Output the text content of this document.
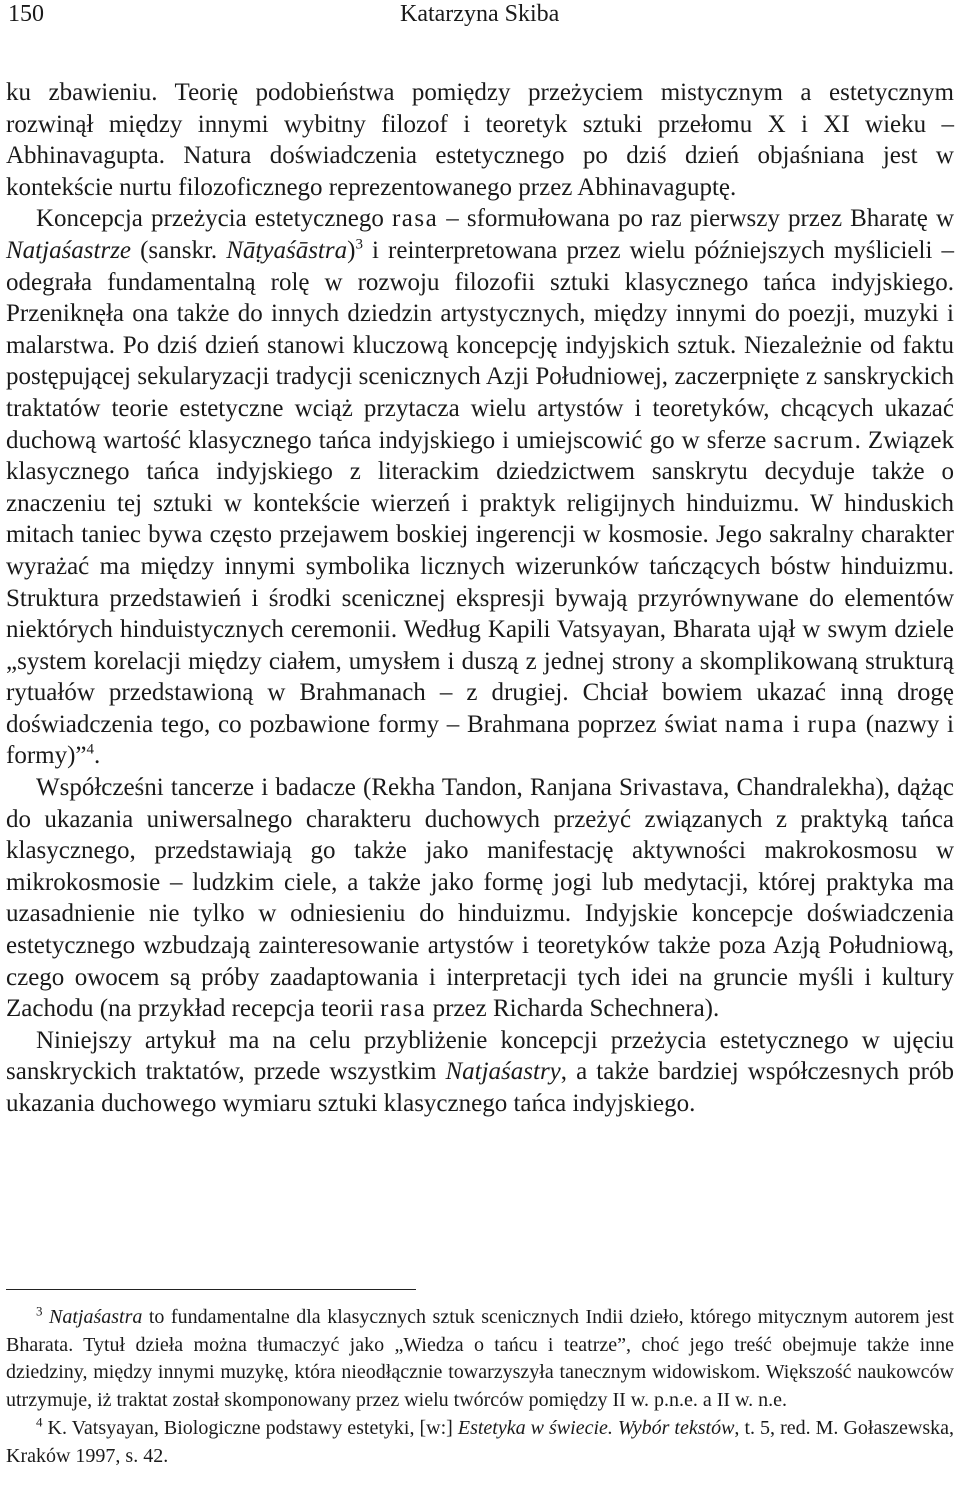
150	Katarzyna Skiba

ku zbawieniu. Teorię podobieństwa pomiędzy przeżyciem mistycznym a estetycznym rozwinął między innymi wybitny filozof i teoretyk sztuki przełomu X i XI wieku – Abhinavagupta. Natura doświadczenia estetycznego po dziś dzień objaśniana jest w kontekście nurtu filozoficznego reprezentowanego przez Abhinavaguptę.

Koncepcja przeżycia estetycznego rasa – sformułowana po raz pierwszy przez Bharatę w Natjaśastrze (sanskr. Nāṭyaśāstra)$^3$ i reinterpretowana przez wielu późniejszych myślicieli – odegrała fundamentalną rolę w rozwoju filozofii sztuki klasycznego tańca indyjskiego. Przeniknęła ona także do innych dziedzin artystycznych, między innymi do poezji, muzyki i malarstwa. Po dziś dzień stanowi kluczową koncepcję indyjskich sztuk. Niezależnie od faktu postępującej sekularyzacji tradycji scenicznych Azji Południowej, zaczerpnięte z sanskryckich traktatów teorie estetyczne wciąż przytacza wielu artystów i teoretyków, chcących ukazać duchową wartość klasycznego tańca indyjskiego i umiejscowić go w sferze sacrum. Związek klasycznego tańca indyjskiego z literackim dziedzictwem sanskrytu decyduje także o znaczeniu tej sztuki w kontekście wierzeń i praktyk religijnych hinduizmu. W hinduskich mitach taniec bywa często przejawem boskiej ingerencji w kosmosie. Jego sakralny charakter wyrażać ma między innymi symbolika licznych wizerunków tańczących bóstw hinduizmu. Struktura przedstawień i środki scenicznej ekspresji bywają przyrównywane do elementów niektórych hinduistycznych ceremonii. Według Kapili Vatsyayan, Bharata ujął w swym dziele „system korelacji między ciałem, umysłem i duszą z jednej strony a skomplikowaną strukturą rytuałów przedstawioną w Brahmanach – z drugiej. Chciał bowiem ukazać inną drogę doświadczenia tego, co pozbawione formy – Brahmana poprzez świat nama i rupa (nazwy i formy)”$^4$.

Współcześni tancerze i badacze (Rekha Tandon, Ranjana Srivastava, Chandralekha), dążąc do ukazania uniwersalnego charakteru duchowych przeżyć związanych z praktyką tańca klasycznego, przedstawiają go także jako manifestację aktywności makrokosmosu w mikrokosmosie – ludzkim ciele, a także jako formę jogi lub medytacji, której praktyka ma uzasadnienie nie tylko w odniesieniu do hinduizmu. Indyjskie koncepcje doświadczenia estetycznego wzbudzają zainteresowanie artystów i teoretyków także poza Azją Południową, czego owocem są próby zaadaptowania i interpretacji tych idei na gruncie myśli i kultury Zachodu (na przykład recepcja teorii rasa przez Richarda Schechnera).

Niniejszy artykuł ma na celu przybliżenie koncepcji przeżycia estetycznego w ujęciu sanskryckich traktatów, przede wszystkim Natjaśastry, a także bardziej współczesnych prób ukazania duchowego wymiaru sztuki klasycznego tańca indyjskiego.

$^3$ Natjaśastra to fundamentalne dla klasycznych sztuk scenicznych Indii dzieło, którego mitycznym autorem jest Bharata. Tytuł dzieła można tłumaczyć jako „Wiedza o tańcu i teatrze”, choć jego treść obejmuje także inne dziedziny, między innymi muzykę, która nieodłącznie towarzyszyła tanecznym widowiskom. Większość naukowców utrzymuje, iż traktat został skomponowany przez wielu twórców pomiędzy II w. p.n.e. a II w. n.e.

$^4$ K. Vatsyayan, Biologiczne podstawy estetyki, [w:] Estetyka w świecie. Wybór tekstów, t. 5, red. M. Gołaszewska, Kraków 1997, s. 42.
